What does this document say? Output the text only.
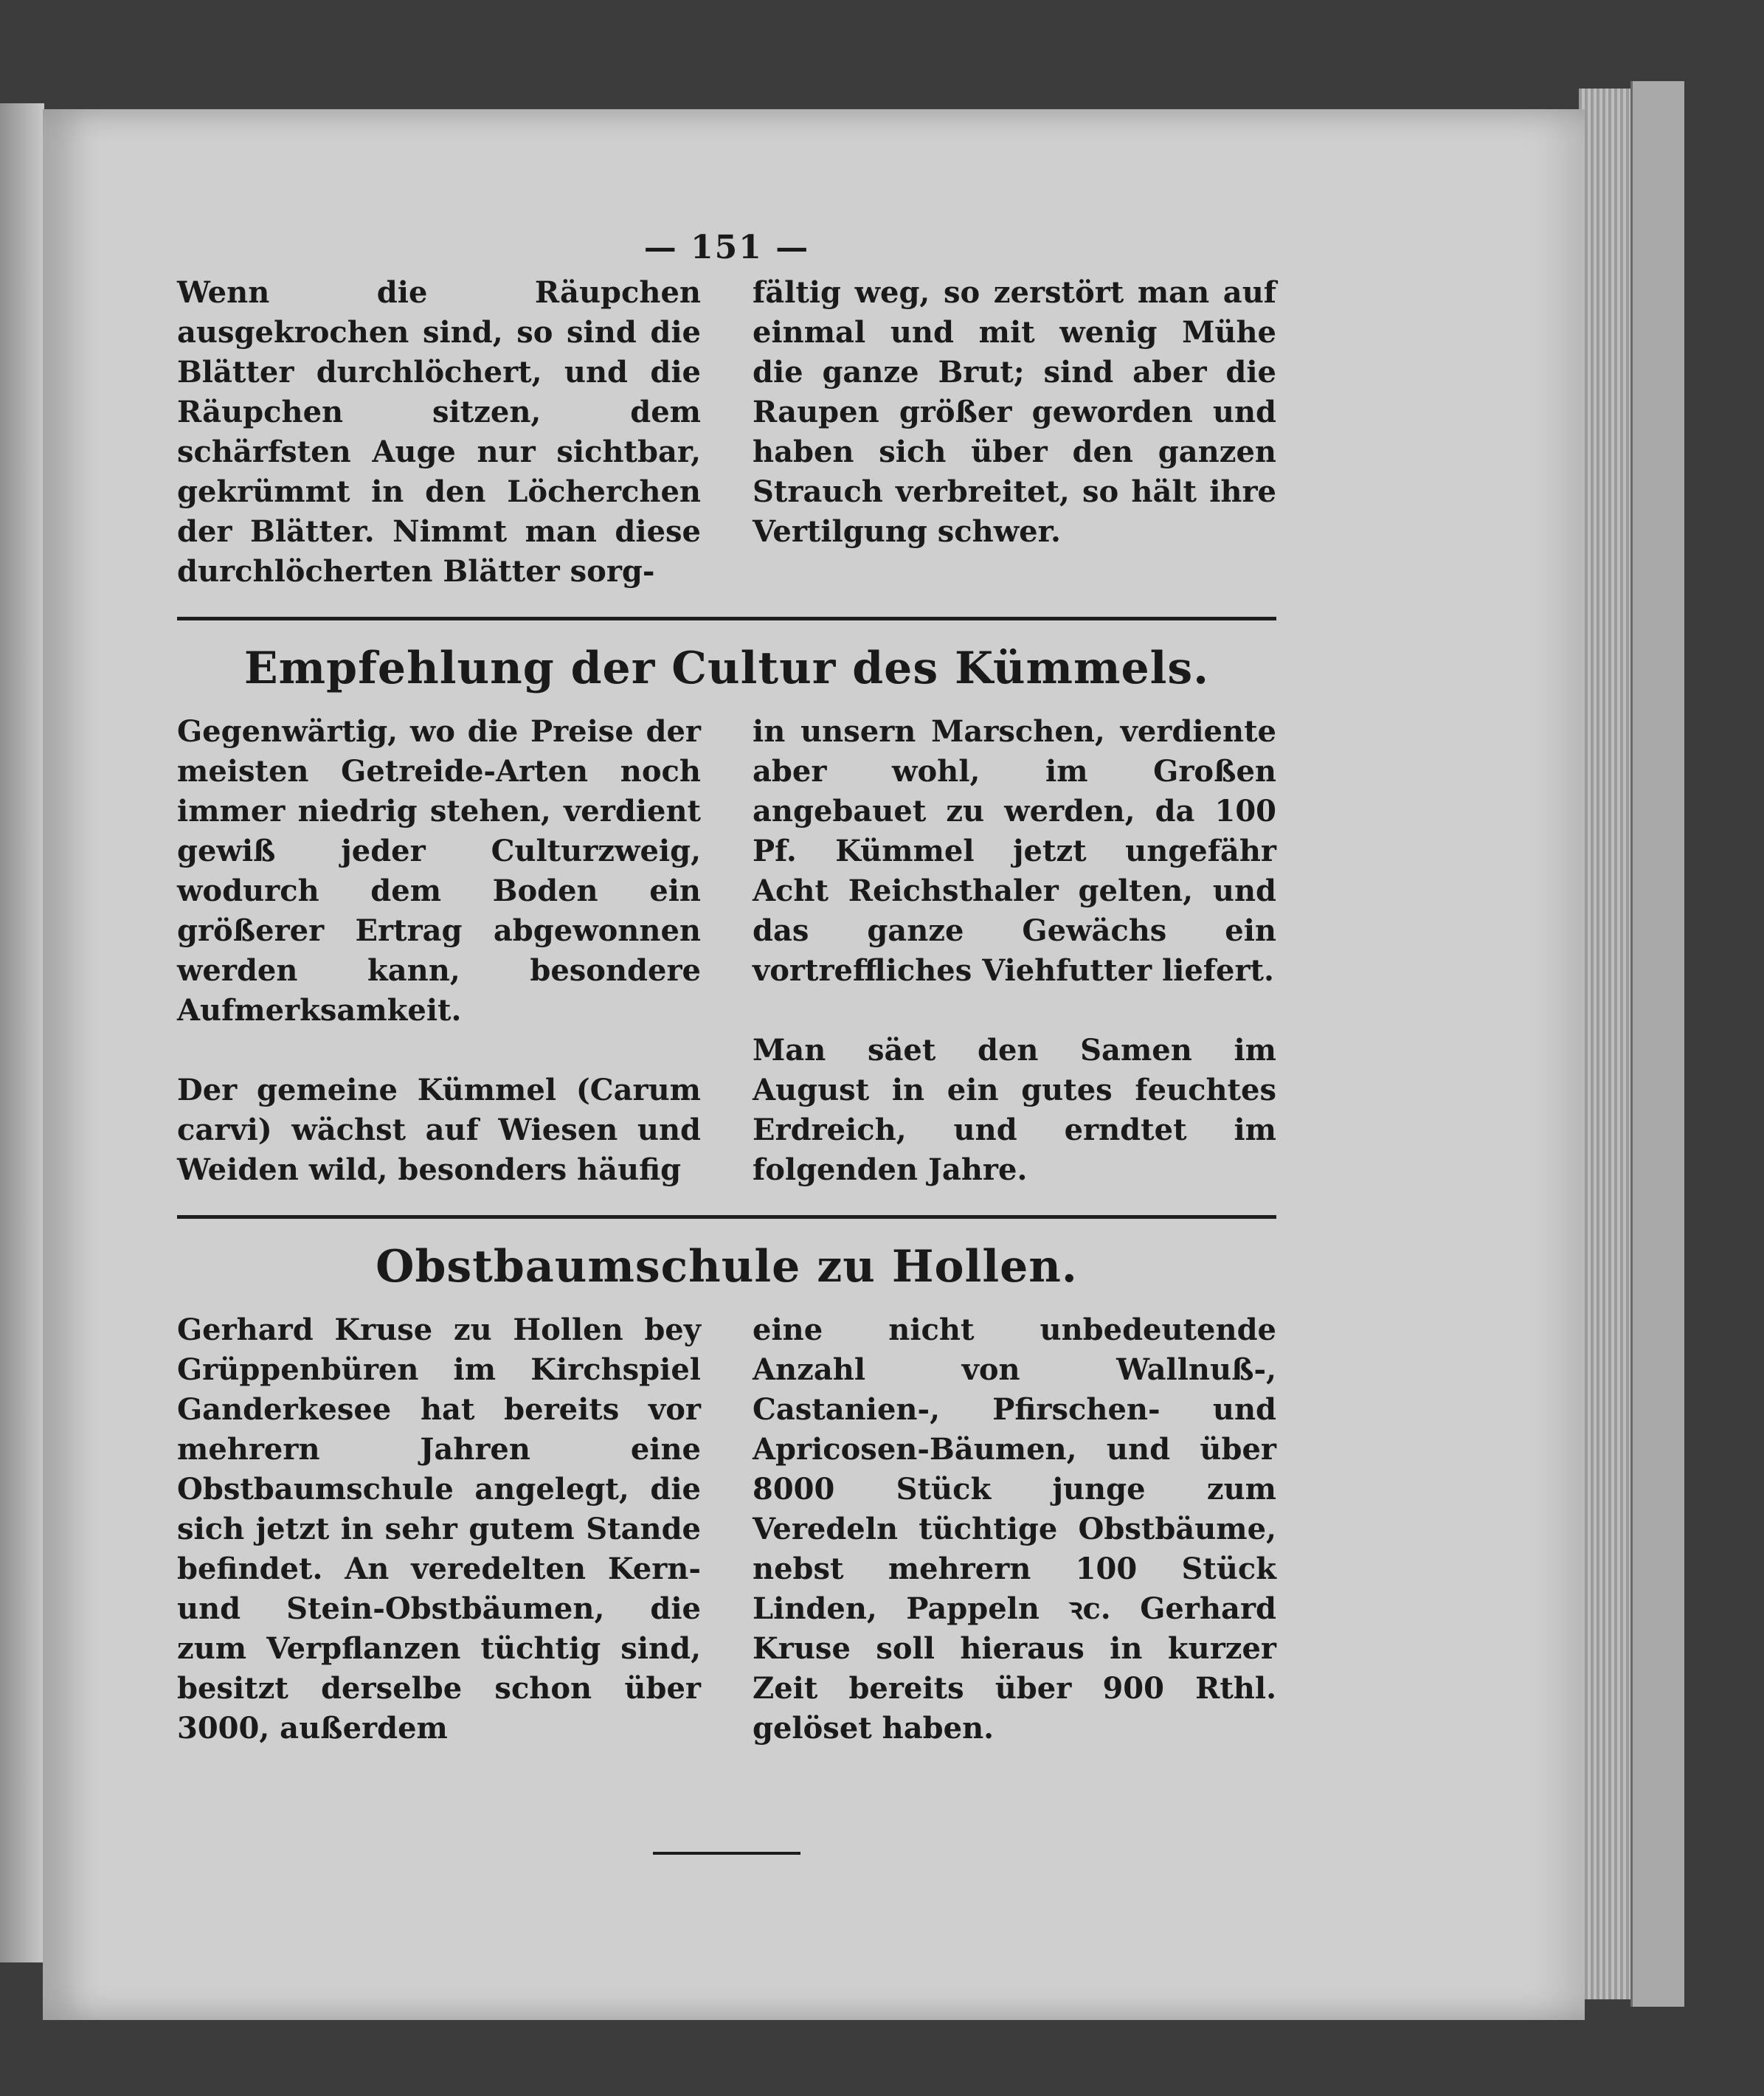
— 151 —

Wenn die Räupchen ausgekrochen sind, so sind die Blätter durchlöchert, und die Räupchen sitzen, dem schärfsten Auge nur sichtbar, gekrümmt in den Löcherchen der Blätter. Nimmt man diese durchlöcherten Blätter sorg-

fältig weg, so zerstört man auf einmal und mit wenig Mühe die ganze Brut; sind aber die Raupen größer geworden und haben sich über den ganzen Strauch verbreitet, so hält ihre Vertilgung schwer.

Empfehlung der Cultur des Kümmels.

Gegenwärtig, wo die Preise der meisten Getreide-Arten noch immer niedrig stehen, verdient gewiß jeder Culturzweig, wodurch dem Boden ein größerer Ertrag abgewonnen werden kann, besondere Aufmerksamkeit.

Der gemeine Kümmel (Carum carvi) wächst auf Wiesen und Weiden wild, besonders häufig

in unsern Marschen, verdiente aber wohl, im Großen angebauet zu werden, da 100 Pf. Kümmel jetzt ungefähr Acht Reichsthaler gelten, und das ganze Gewächs ein vortreffliches Viehfutter liefert.

Man säet den Samen im August in ein gutes feuchtes Erdreich, und erndtet im folgenden Jahre.

Obstbaumschule zu Hollen.

Gerhard Kruse zu Hollen bey Grüppenbüren im Kirchspiel Ganderkesee hat bereits vor mehrern Jahren eine Obstbaumschule angelegt, die sich jetzt in sehr gutem Stande befindet. An veredelten Kern- und Stein-Obstbäumen, die zum Verpflanzen tüchtig sind, besitzt derselbe schon über 3000, außerdem

eine nicht unbedeutende Anzahl von Wallnuß-, Castanien-, Pfirschen- und Apricosen-Bäumen, und über 8000 Stück junge zum Veredeln tüchtige Obstbäume, nebst mehrern 100 Stück Linden, Pappeln ꝛc. Gerhard Kruse soll hieraus in kurzer Zeit bereits über 900 Rthl. gelöset haben.
